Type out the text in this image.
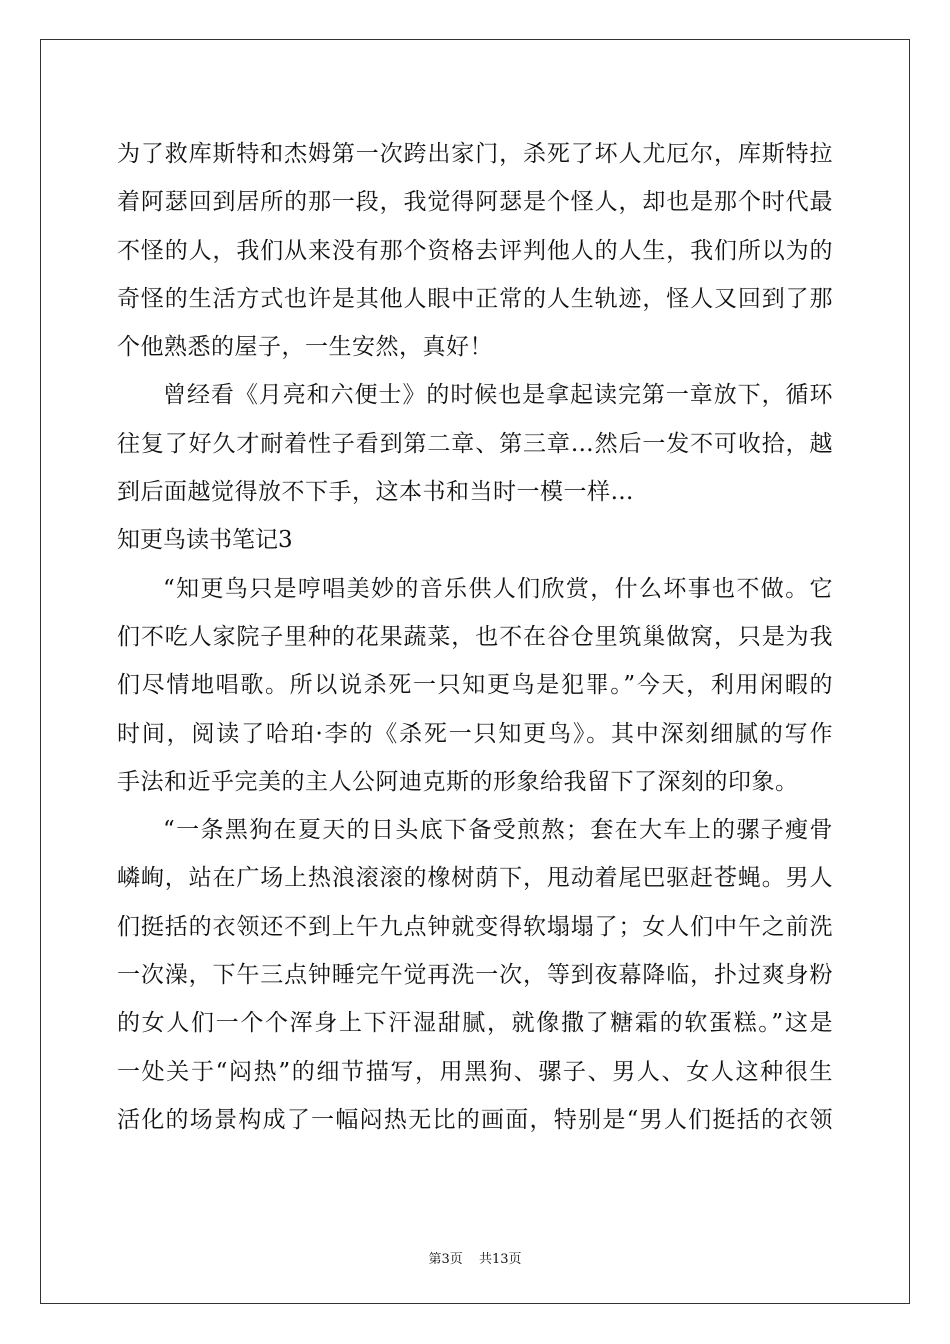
为了救库斯特和杰姆第一次跨出家门，杀死了坏人尤厄尔，库斯特拉
着阿瑟回到居所的那一段，我觉得阿瑟是个怪人，却也是那个时代最
不怪的人，我们从来没有那个资格去评判他人的人生，我们所以为的
奇怪的生活方式也许是其他人眼中正常的人生轨迹，怪人又回到了那
个他熟悉的屋子，一生安然，真好！
曾经看《月亮和六便士》的时候也是拿起读完第一章放下，循环
往复了好久才耐着性子看到第二章、第三章…然后一发不可收拾，越
到后面越觉得放不下手，这本书和当时一模一样…
知更鸟读书笔记3
“知更鸟只是哼唱美妙的音乐供人们欣赏，什么坏事也不做。它
们不吃人家院子里种的花果蔬菜，也不在谷仓里筑巢做窝，只是为我
们尽情地唱歌。所以说杀死一只知更鸟是犯罪。”今天，利用闲暇的
时间，阅读了哈珀·李的《杀死一只知更鸟》。其中深刻细腻的写作
手法和近乎完美的主人公阿迪克斯的形象给我留下了深刻的印象。
“一条黑狗在夏天的日头底下备受煎熬；套在大车上的骡子瘦骨
嶙峋，站在广场上热浪滚滚的橡树荫下，甩动着尾巴驱赶苍蝇。男人
们挺括的衣领还不到上午九点钟就变得软塌塌了；女人们中午之前洗
一次澡，下午三点钟睡完午觉再洗一次，等到夜幕降临，扑过爽身粉
的女人们一个个浑身上下汗湿甜腻，就像撒了糖霜的软蛋糕。”这是
一处关于“闷热”的细节描写，用黑狗、骡子、男人、女人这种很生
活化的场景构成了一幅闷热无比的画面，特别是“男人们挺括的衣领
第3页 共13页
